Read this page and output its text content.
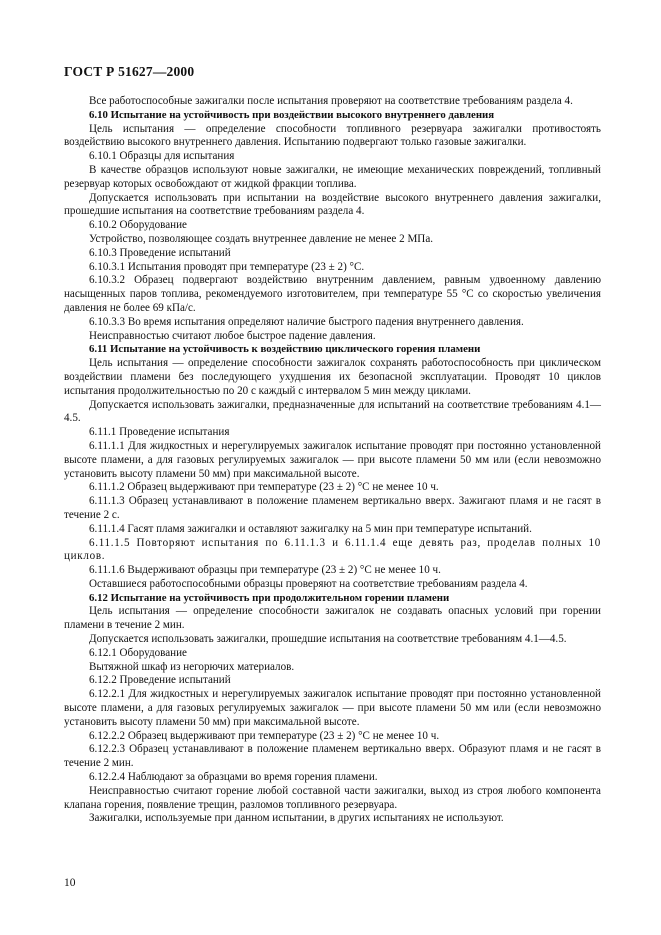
ГОСТ Р 51627—2000

Все работоспособные зажигалки после испытания проверяют на соответствие требованиям раздела 4.

6.10 Испытание на устойчивость при воздействии высокого внутреннего давления

Цель испытания — определение способности топливного резервуара зажигалки противостоять воздействию высокого внутреннего давления. Испытанию подвергают только газовые зажигалки.

6.10.1 Образцы для испытания

В качестве образцов используют новые зажигалки, не имеющие механических повреждений, топливный резервуар которых освобождают от жидкой фракции топлива.

Допускается использовать при испытании на воздействие высокого внутреннего давления зажигалки, прошедшие испытания на соответствие требованиям раздела 4.

6.10.2 Оборудование

Устройство, позволяющее создать внутреннее давление не менее 2 МПа.

6.10.3 Проведение испытаний

6.10.3.1 Испытания проводят при температуре (23 ± 2) °С.

6.10.3.2 Образец подвергают воздействию внутренним давлением, равным удвоенному давлению насыщенных паров топлива, рекомендуемого изготовителем, при температуре 55 °С со скоростью увеличения давления не более 69 кПа/с.

6.10.3.3 Во время испытания определяют наличие быстрого падения внутреннего давления.

Неисправностью считают любое быстрое падение давления.

6.11 Испытание на устойчивость к воздействию циклического горения пламени

Цель испытания — определение способности зажигалок сохранять работоспособность при циклическом воздействии пламени без последующего ухудшения их безопасной эксплуатации. Проводят 10 циклов испытания продолжительностью по 20 с каждый с интервалом 5 мин между циклами.

Допускается использовать зажигалки, предназначенные для испытаний на соответствие требованиям 4.1—4.5.

6.11.1 Проведение испытания

6.11.1.1 Для жидкостных и нерегулируемых зажигалок испытание проводят при постоянно установленной высоте пламени, а для газовых регулируемых зажигалок — при высоте пламени 50 мм или (если невозможно установить высоту пламени 50 мм) при максимальной высоте.

6.11.1.2 Образец выдерживают при температуре (23 ± 2) °С не менее 10 ч.

6.11.1.3 Образец устанавливают в положение пламенем вертикально вверх. Зажигают пламя и не гасят в течение 2 с.

6.11.1.4 Гасят пламя зажигалки и оставляют зажигалку на 5 мин при температуре испытаний.

6.11.1.5 Повторяют испытания по 6.11.1.3 и 6.11.1.4 еще девять раз, проделав полных 10 циклов.

6.11.1.6 Выдерживают образцы при температуре (23 ± 2) °С не менее 10 ч.

Оставшиеся работоспособными образцы проверяют на соответствие требованиям раздела 4.

6.12 Испытание на устойчивость при продолжительном горении пламени

Цель испытания — определение способности зажигалок не создавать опасных условий при горении пламени в течение 2 мин.

Допускается использовать зажигалки, прошедшие испытания на соответствие требованиям 4.1—4.5.

6.12.1 Оборудование

Вытяжной шкаф из негорючих материалов.

6.12.2 Проведение испытаний

6.12.2.1 Для жидкостных и нерегулируемых зажигалок испытание проводят при постоянно установленной высоте пламени, а для газовых регулируемых зажигалок — при высоте пламени 50 мм или (если невозможно установить высоту пламени 50 мм) при максимальной высоте.

6.12.2.2 Образец выдерживают при температуре (23 ± 2) °С не менее 10 ч.

6.12.2.3 Образец устанавливают в положение пламенем вертикально вверх. Образуют пламя и не гасят в течение 2 мин.

6.12.2.4 Наблюдают за образцами во время горения пламени.

Неисправностью считают горение любой составной части зажигалки, выход из строя любого компонента клапана горения, появление трещин, разломов топливного резервуара.

Зажигалки, используемые при данном испытании, в других испытаниях не используют.

10
